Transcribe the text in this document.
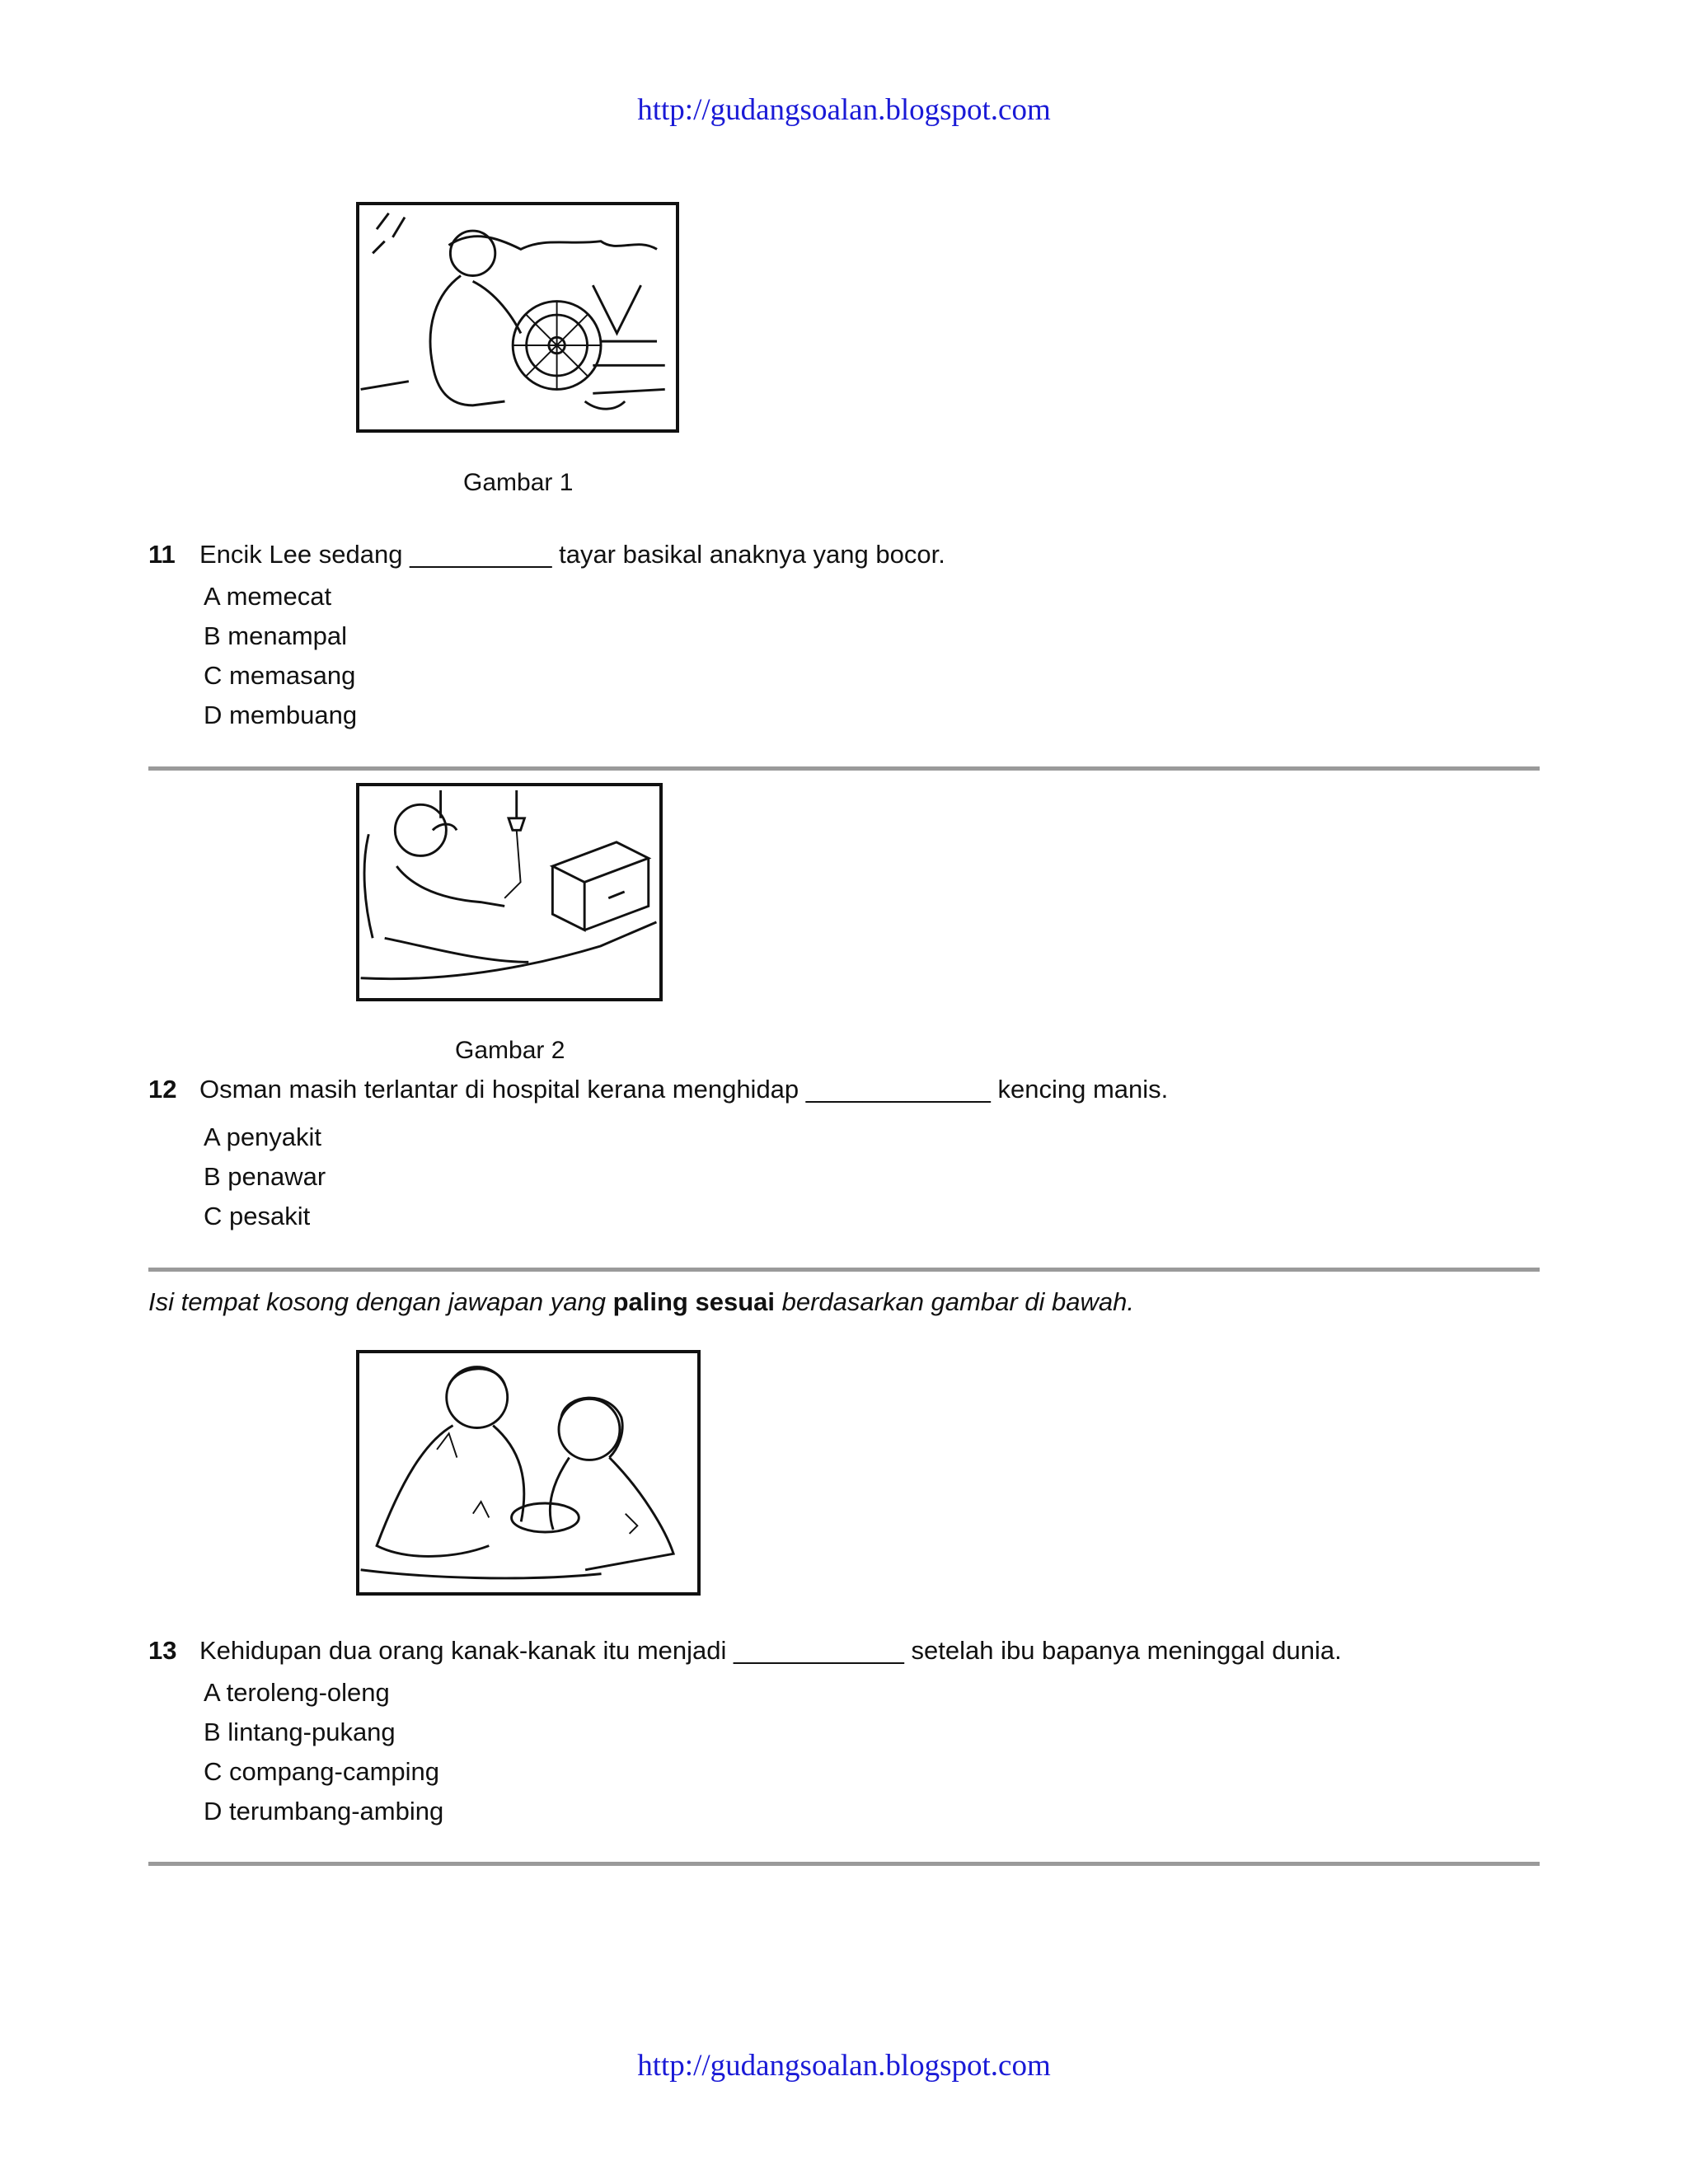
http://gudangsoalan.blogspot.com
Gambar 1
11 Encik Lee sedang __________ tayar basikal anaknya yang bocor.
A memecat
B menampal
C memasang
D membuang
Gambar 2
12 Osman masih terlantar di hospital kerana menghidap _____________ kencing manis.
A penyakit
B penawar
C pesakit
Isi tempat kosong dengan jawapan yang paling sesuai berdasarkan gambar di bawah.
13 Kehidupan dua orang kanak-kanak itu menjadi ____________ setelah ibu bapanya meninggal dunia.
A teroleng-oleng
B lintang-pukang
C compang-camping
D terumbang-ambing
http://gudangsoalan.blogspot.com
